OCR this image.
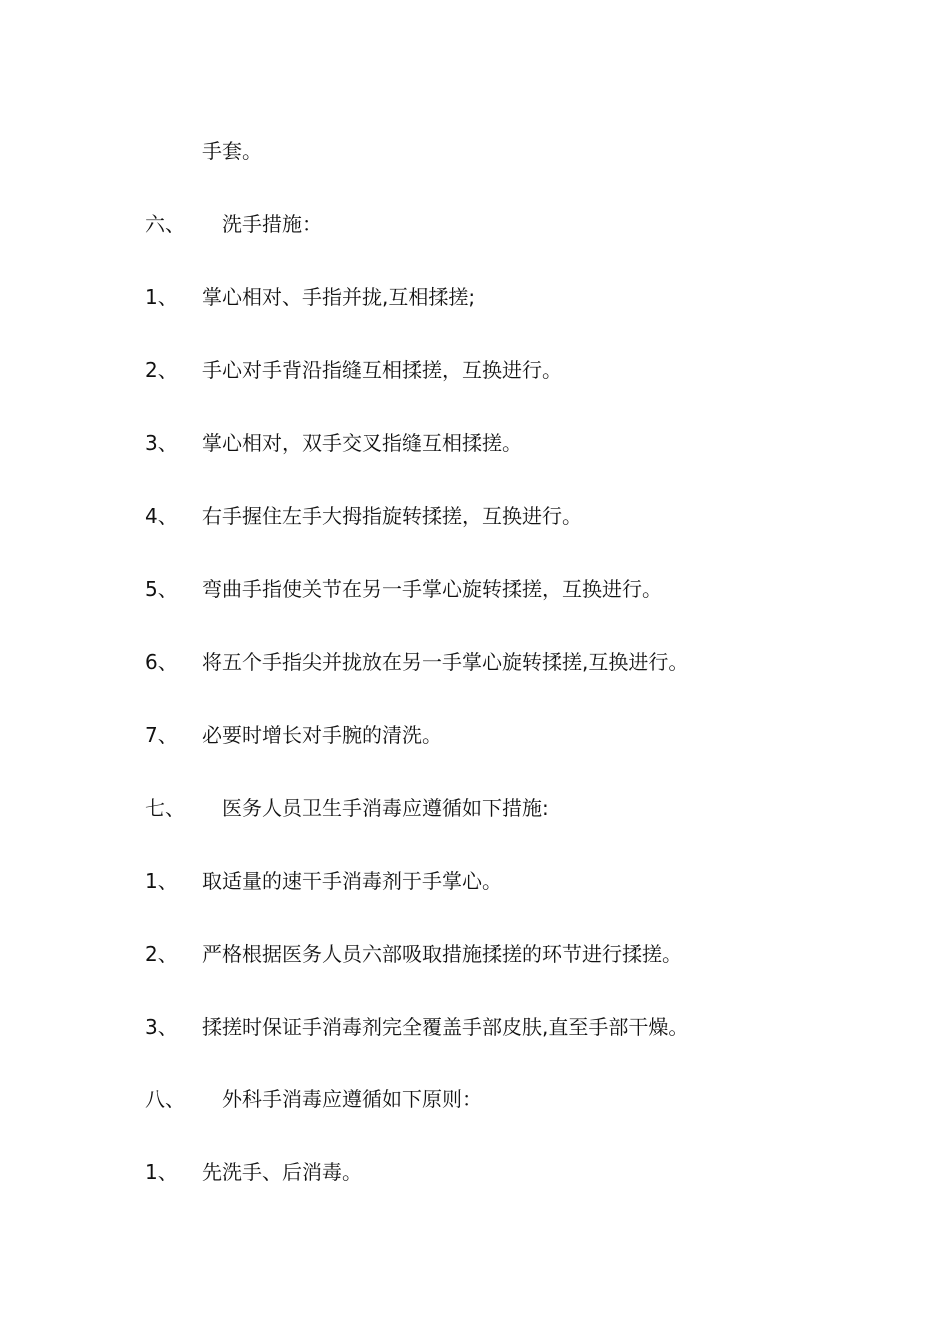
手套。
六、 洗手措施：
1、 掌心相对、手指并拢,互相揉搓;
2、 手心对手背沿指缝互相揉搓，互换进行。
3、 掌心相对，双手交叉指缝互相揉搓。
4、 右手握住左手大拇指旋转揉搓，互换进行。
5、 弯曲手指使关节在另一手掌心旋转揉搓，互换进行。
6、 将五个手指尖并拢放在另一手掌心旋转揉搓,互换进行。
7、 必要时增长对手腕的清洗。
七、 医务人员卫生手消毒应遵循如下措施:
1、 取适量的速干手消毒剂于手掌心。
2、 严格根据医务人员六部吸取措施揉搓的环节进行揉搓。
3、 揉搓时保证手消毒剂完全覆盖手部皮肤,直至手部干燥。
八、 外科手消毒应遵循如下原则：
1、 先洗手、后消毒。
